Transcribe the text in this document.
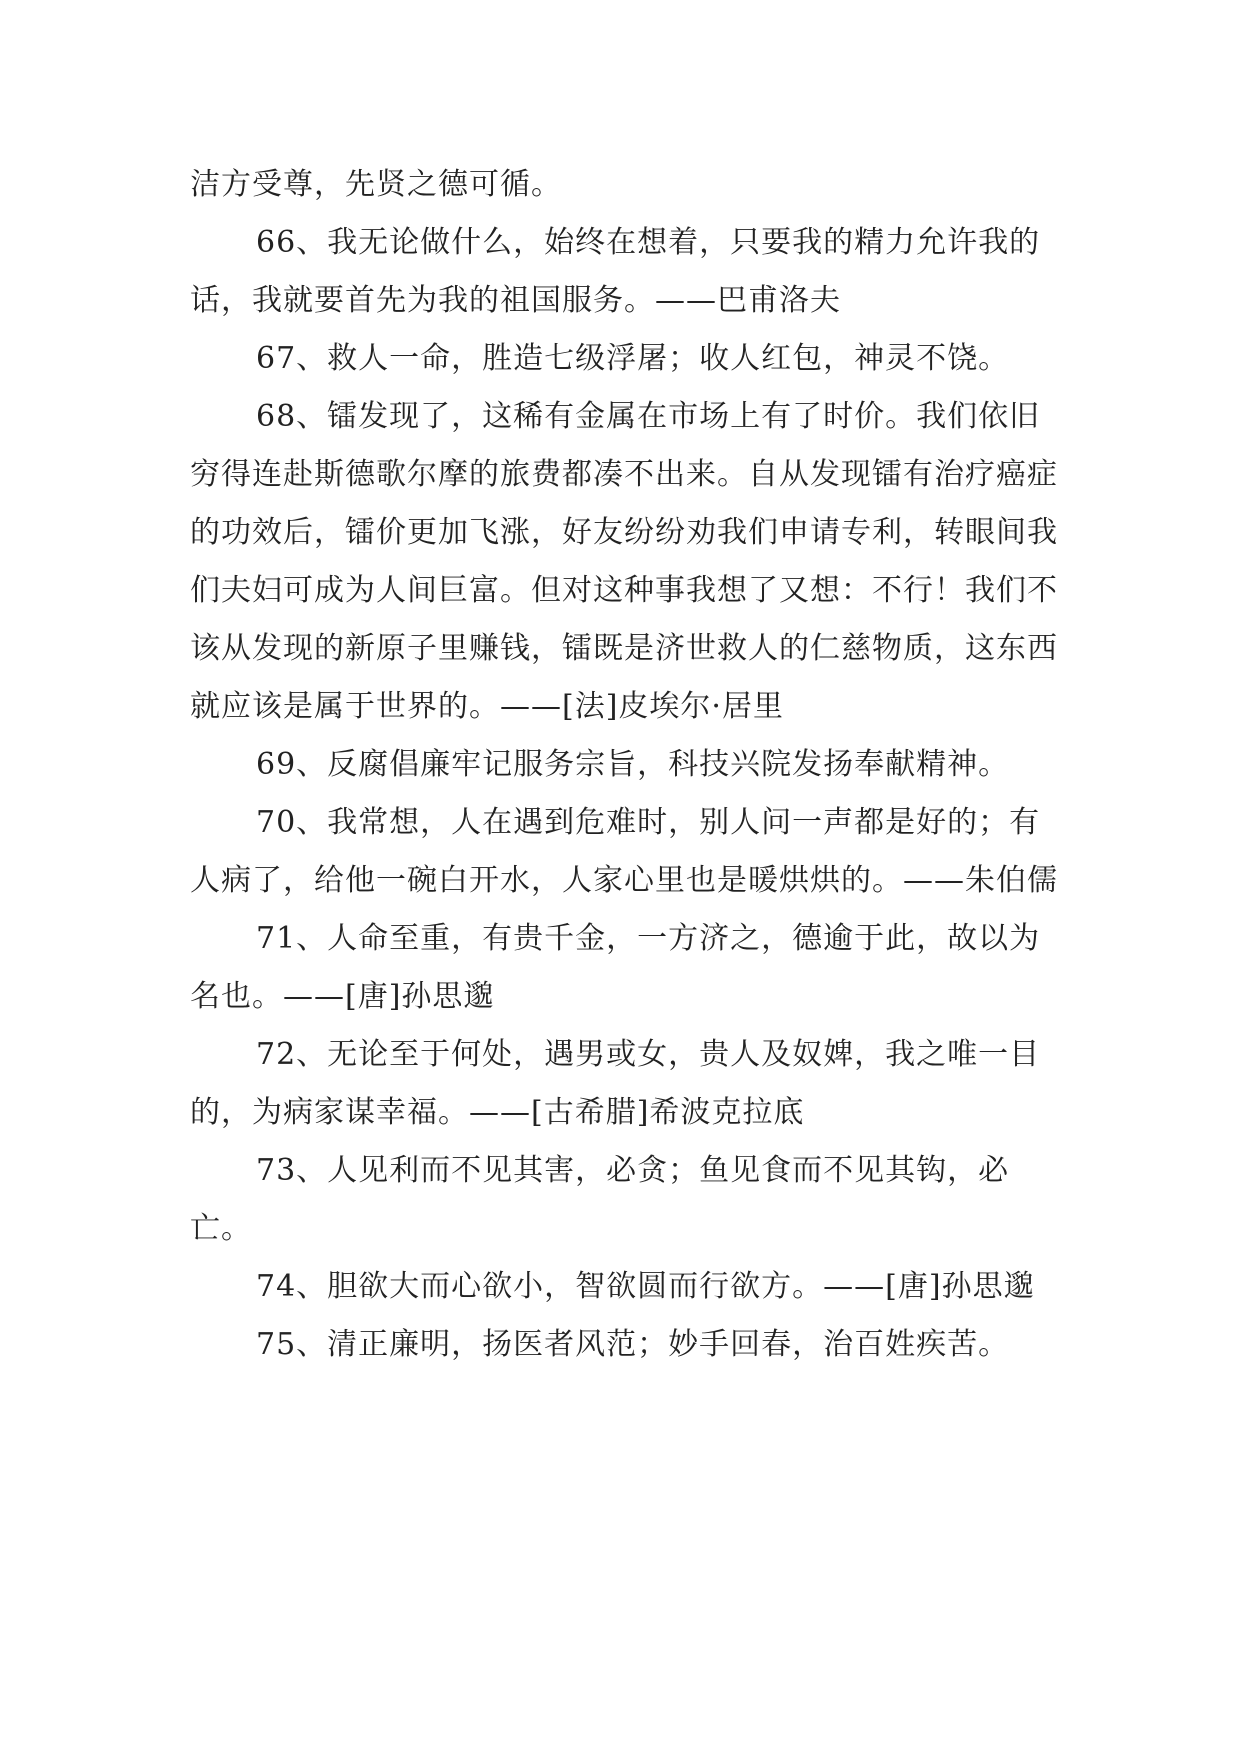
洁方受尊，先贤之德可循。

66、我无论做什么，始终在想着，只要我的精力允许我的话，我就要首先为我的祖国服务。——巴甫洛夫

67、救人一命，胜造七级浮屠；收人红包，神灵不饶。

68、镭发现了，这稀有金属在市场上有了时价。我们依旧穷得连赴斯德歌尔摩的旅费都凑不出来。自从发现镭有治疗癌症的功效后，镭价更加飞涨，好友纷纷劝我们申请专利，转眼间我们夫妇可成为人间巨富。但对这种事我想了又想：不行！我们不该从发现的新原子里赚钱，镭既是济世救人的仁慈物质，这东西就应该是属于世界的。——[法]皮埃尔·居里

69、反腐倡廉牢记服务宗旨，科技兴院发扬奉献精神。

70、我常想，人在遇到危难时，别人问一声都是好的；有人病了，给他一碗白开水，人家心里也是暖烘烘的。——朱伯儒

71、人命至重，有贵千金，一方济之，德逾于此，故以为名也。——[唐]孙思邈

72、无论至于何处，遇男或女，贵人及奴婢，我之唯一目的，为病家谋幸福。——[古希腊]希波克拉底

73、人见利而不见其害，必贪；鱼见食而不见其钩，必亡。

74、胆欲大而心欲小，智欲圆而行欲方。——[唐]孙思邈

75、清正廉明，扬医者风范；妙手回春，治百姓疾苦。
